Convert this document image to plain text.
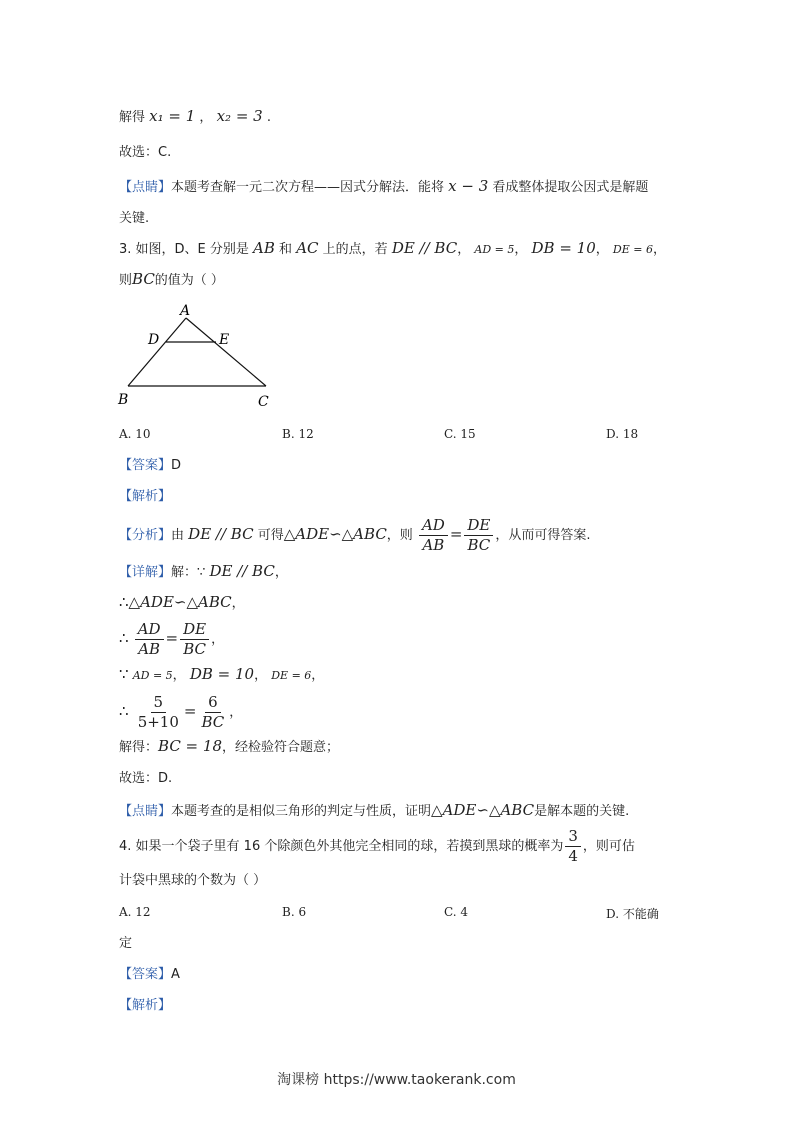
解得 x₁ = 1 ， x₂ = 3 .
故选：C.
【点睛】本题考查解一元二次方程——因式分解法．能将 x − 3 看成整体提取公因式是解题
关键.
3. 如图，D、E 分别是 AB 和 AC 上的点，若 DE // BC， AD = 5， DB = 10， DE = 6，
则BC的值为（ ）
A
D	E
B	C
A. 10	B. 12	C. 15	D. 18
【答案】D
【解析】
【分析】由 DE // BC 可得△ADE∽△ABC，则 $\frac{AD}{AB} = \frac{DE}{BC}$ ，从而可得答案.
【详解】解：∵ DE // BC，
∴△ADE∽△ABC，
∴ $\frac{AD}{AB} = \frac{DE}{BC}$ ，
∵ AD = 5， DB = 10， DE = 6，
∴ $\frac{5}{5+10} = \frac{6}{BC}$ ，
解得：BC = 18，经检验符合题意；
故选：D.
【点睛】本题考查的是相似三角形的判定与性质，证明△ADE∽△ABC是解本题的关键.
4. 如果一个袋子里有 16 个除颜色外其他完全相同的球，若摸到黑球的概率为 $\frac{3}{4}$ ，则可估
计袋中黑球的个数为（ ）
A. 12	B. 6	C. 4	D. 不能确
定
【答案】A
【解析】
淘课榜 https://www.taokerank.com
